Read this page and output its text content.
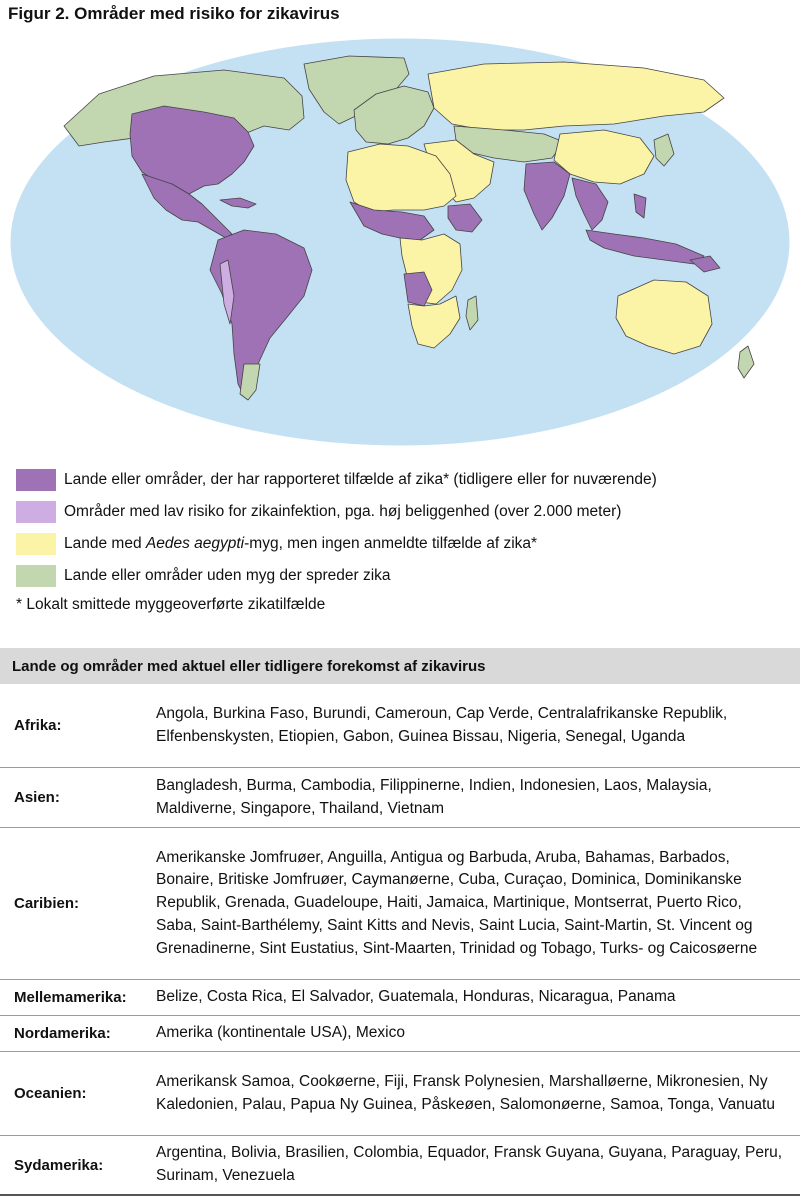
Figur 2. Områder med risiko for zikavirus
Lande eller områder, der har rapporteret tilfælde af zika* (tidligere eller for nuværende)
Områder med lav risiko for zikainfektion, pga. høj beliggenhed (over 2.000 meter)
Lande med Aedes aegypti-myg, men ingen anmeldte tilfælde af zika*
Lande eller områder uden myg der spreder zika
* Lokalt smittede myggeoverførte zikatilfælde
Lande og områder med aktuel eller tidligere forekomst af zikavirus
Afrika:
Angola, Burkina Faso, Burundi, Cameroun, Cap Verde, Centralafrikanske Republik, Elfenbenskysten, Etiopien, Gabon, Guinea Bissau, Nigeria, Senegal, Uganda
Asien:
Bangladesh, Burma, Cambodia, Filippinerne, Indien, Indonesien, Laos, Malaysia, Maldiverne, Singapore, Thailand, Vietnam
Caribien:
Amerikanske Jomfruøer, Anguilla, Antigua og Barbuda, Aruba, Bahamas, Barbados, Bonaire, Britiske Jomfruøer, Caymanøerne, Cuba, Curaçao, Dominica, Dominikanske Republik, Grenada, Guadeloupe, Haiti, Jamaica, Martinique, Montserrat, Puerto Rico, Saba, Saint-Barthélemy, Saint Kitts and Nevis, Saint Lucia, Saint-Martin, St. Vincent og Grenadinerne, Sint Eustatius, Sint-Maarten, Trinidad og Tobago, Turks- og Caicosøerne
Mellemamerika:	Belize, Costa Rica, El Salvador, Guatemala, Honduras, Nicaragua, Panama
Nordamerika:	Amerika (kontinentale USA), Mexico
Oceanien:
Amerikansk Samoa, Cookøerne, Fiji, Fransk Polynesien, Marshalløerne, Mikronesien, Ny Kaledonien, Palau, Papua Ny Guinea, Påskeøen, Salomonøerne, Samoa, Tonga, Vanuatu
Sydamerika:
Argentina, Bolivia, Brasilien, Colombia, Equador, Fransk Guyana, Guyana, Paraguay, Peru, Surinam, Venezuela
